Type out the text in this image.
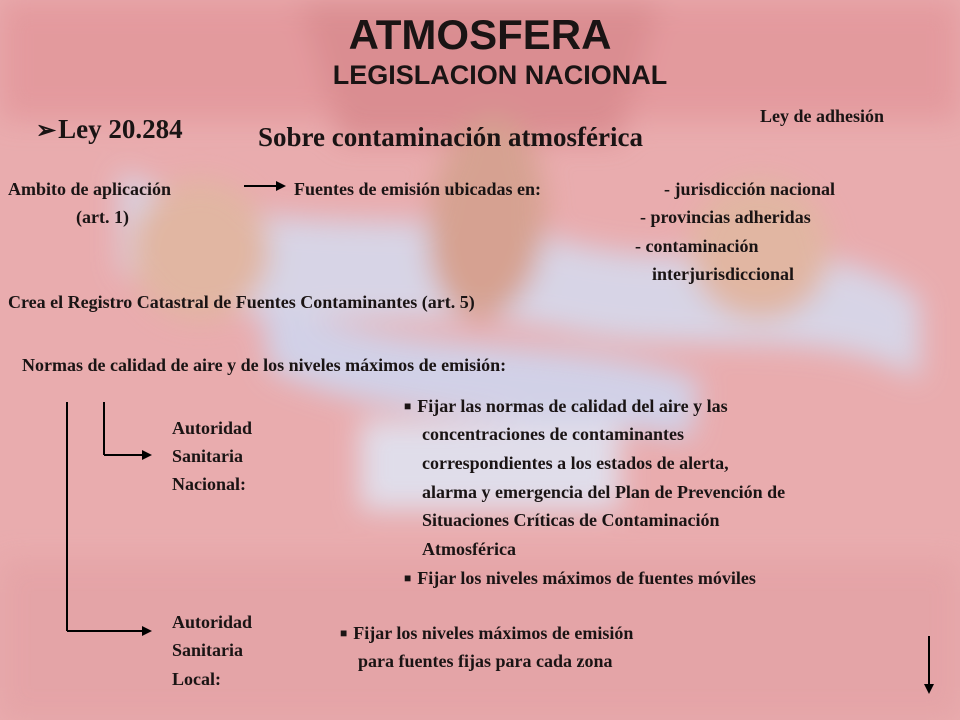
ATMOSFERA
LEGISLACION NACIONAL
Ley de adhesión
➢Ley 20.284	Sobre contaminación atmosférica
Ambito de aplicación
(art. 1)
Fuentes de emisión ubicadas en:	- jurisdicción nacional
- provincias adheridas
- contaminación
interjurisdiccional
Crea el Registro Catastral de Fuentes Contaminantes (art. 5)
Normas de calidad de aire y de los niveles máximos de emisión:
Autoridad
Sanitaria
Nacional:
■ Fijar las normas de calidad del aire y las
concentraciones de contaminantes
correspondientes a los estados de alerta,
alarma y emergencia del Plan de Prevención de
Situaciones Críticas de Contaminación
Atmosférica
■ Fijar los niveles máximos de fuentes móviles
Autoridad
Sanitaria
Local:
■ Fijar los niveles máximos de emisión
para fuentes fijas para cada zona
